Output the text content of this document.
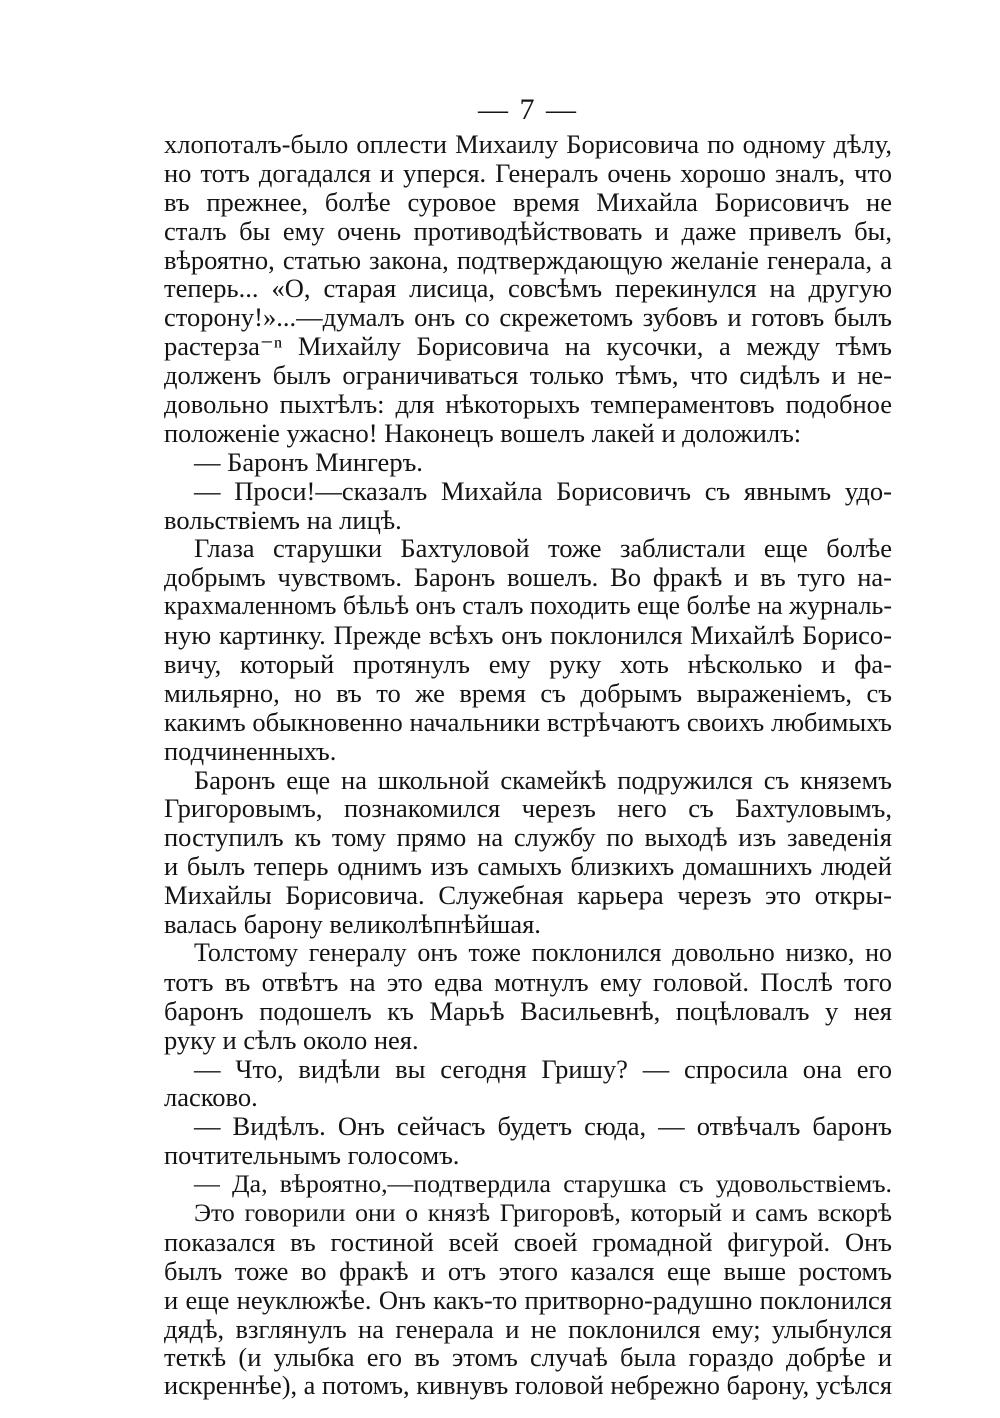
— 7 —
хлопоталъ-было оплести Михаилу Борисовича по одному дѣлу,
но тотъ догадался и уперся. Генералъ очень хорошо зналъ, что
въ прежнее, болѣе суровое время Михайла Борисовичъ не
сталъ бы ему очень противодѣйствовать и даже привелъ бы,
вѣроятно, статью закона, подтверждающую желаніе генерала, а
теперь... «О, старая лисица, совсѣмъ перекинулся на другую
сторону!»...—думалъ онъ со скрежетомъ зубовъ и готовъ былъ
растерза⁻ⁿ Михайлу Борисовича на кусочки, а между тѣмъ
долженъ былъ ограничиваться только тѣмъ, что сидѣлъ и не-
довольно пыхтѣлъ: для нѣкоторыхъ темпераментовъ подобное
положеніе ужасно! Наконецъ вошелъ лакей и доложилъ:
— Баронъ Мингеръ.
— Проси!—сказалъ Михайла Борисовичъ съ явнымъ удо-
вольствіемъ на лицѣ.
Глаза старушки Бахтуловой тоже заблистали еще болѣе
добрымъ чувствомъ. Баронъ вошелъ. Во фракѣ и въ туго на-
крахмаленномъ бѣльѣ онъ сталъ походить еще болѣе на журналь-
ную картинку. Прежде всѣхъ онъ поклонился Михайлѣ Борисо-
вичу, который протянулъ ему руку хоть нѣсколько и фа-
мильярно, но въ то же время съ добрымъ выраженіемъ, съ
какимъ обыкновенно начальники встрѣчаютъ своихъ любимыхъ
подчиненныхъ.
Баронъ еще на школьной скамейкѣ подружился съ княземъ
Григоровымъ, познакомился черезъ него съ Бахтуловымъ,
поступилъ къ тому прямо на службу по выходѣ изъ заведенія
и былъ теперь однимъ изъ самыхъ близкихъ домашнихъ людей
Михайлы Борисовича. Служебная карьера черезъ это откры-
валась барону великолѣпнѣйшая.
Толстому генералу онъ тоже поклонился довольно низко, но
тотъ въ отвѣтъ на это едва мотнулъ ему головой. Послѣ того
баронъ подошелъ къ Марьѣ Васильевнѣ, поцѣловалъ у нея
руку и сѣлъ около нея.
— Что, видѣли вы сегодня Гришу? — спросила она его
ласково.
— Видѣлъ. Онъ сейчасъ будетъ сюда, — отвѣчалъ баронъ
почтительнымъ голосомъ.
— Да, вѣроятно,—подтвердила старушка съ удовольствіемъ.
Это говорили они о князѣ Григоровѣ, который и самъ вскорѣ
показался въ гостиной всей своей громадной фигурой. Онъ
былъ тоже во фракѣ и отъ этого казался еще выше ростомъ
и еще неуклюжѣе. Онъ какъ-то притворно-радушно поклонился
дядѣ, взглянулъ на генерала и не поклонился ему; улыбнулся
теткѣ (и улыбка его въ этомъ случаѣ была гораздо добрѣе и
искреннѣе), а потомъ, кивнувъ головой небрежно барону, усѣлся
